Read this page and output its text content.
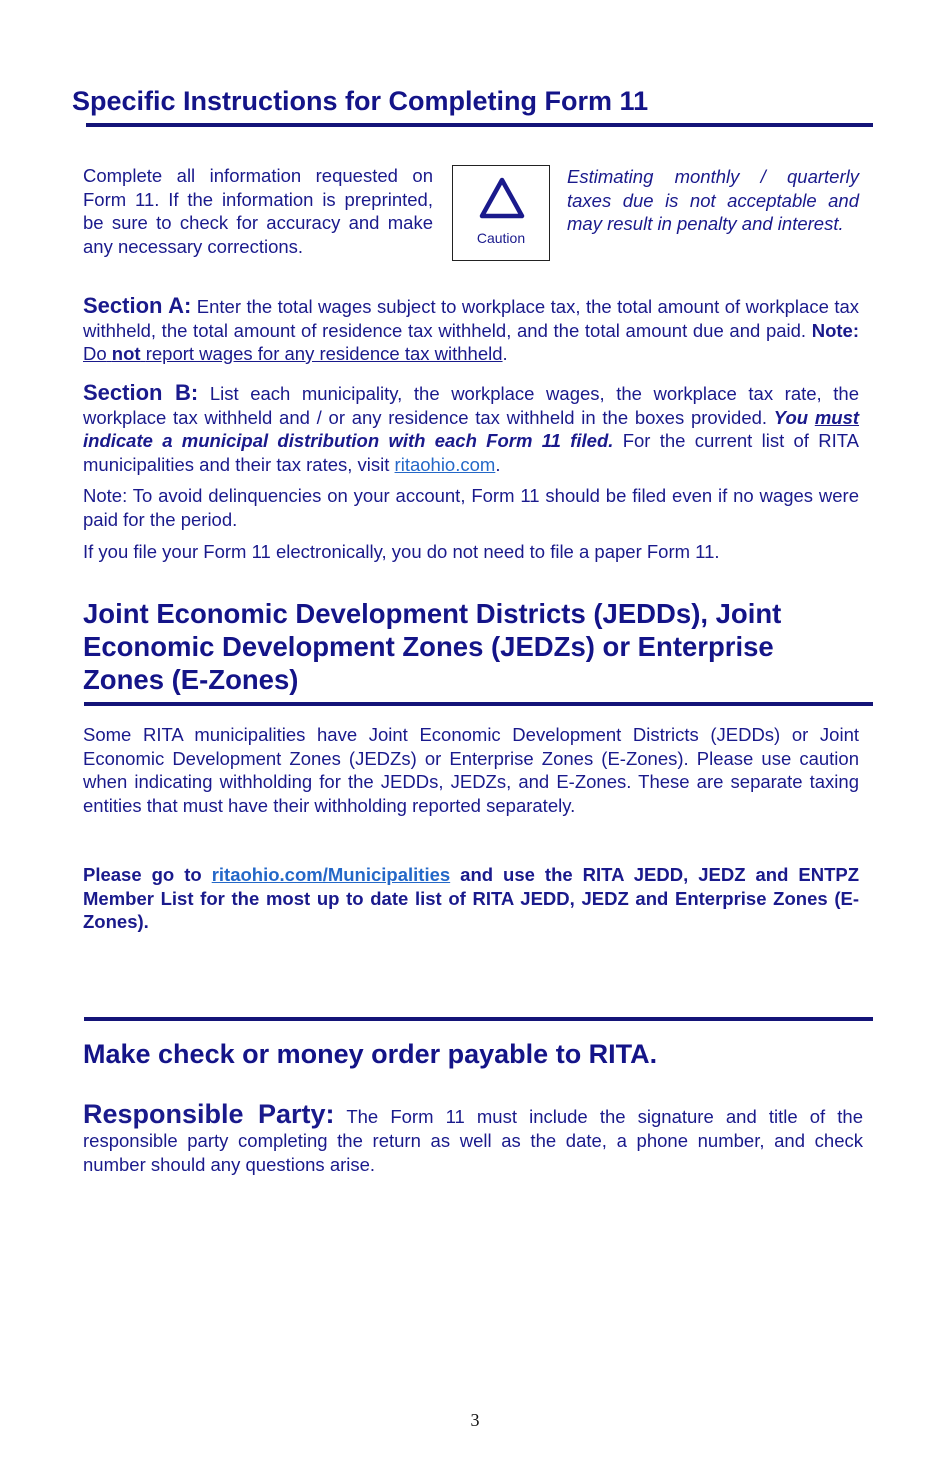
Specific Instructions for Completing Form 11

Complete all information requested on Form 11. If the information is preprinted, be sure to check for accuracy and make any necessary corrections.	Caution

Estimating monthly / quarterly taxes due is not acceptable and may result in penalty and interest.

Section A: Enter the total wages subject to workplace tax, the total amount of workplace tax withheld, the total amount of residence tax withheld, and the total amount due and paid. Note: Do not report wages for any residence tax withheld.

Section B: List each municipality, the workplace wages, the workplace tax rate, the workplace tax withheld and / or any residence tax withheld in the boxes provided. You must indicate a municipal distribution with each Form 11 filed. For the current list of RITA municipalities and their tax rates, visit ritaohio.com.

Note: To avoid delinquencies on your account, Form 11 should be filed even if no wages were paid for the period.

If you file your Form 11 electronically, you do not need to file a paper Form 11.

Joint Economic Development Districts (JEDDs), Joint Economic Development Zones (JEDZs) or Enterprise Zones (E-Zones)

Some RITA municipalities have Joint Economic Development Districts (JEDDs) or Joint Economic Development Zones (JEDZs) or Enterprise Zones (E-Zones). Please use caution when indicating withholding for the JEDDs, JEDZs, and E-Zones. These are separate taxing entities that must have their withholding reported separately.

Please go to ritaohio.com/Municipalities and use the RITA JEDD, JEDZ and ENTPZ Member List for the most up to date list of RITA JEDD, JEDZ and Enterprise Zones (E-Zones).

Make check or money order payable to RITA.

Responsible Party: The Form 11 must include the signature and title of the responsible party completing the return as well as the date, a phone number, and check number should any questions arise.

3
